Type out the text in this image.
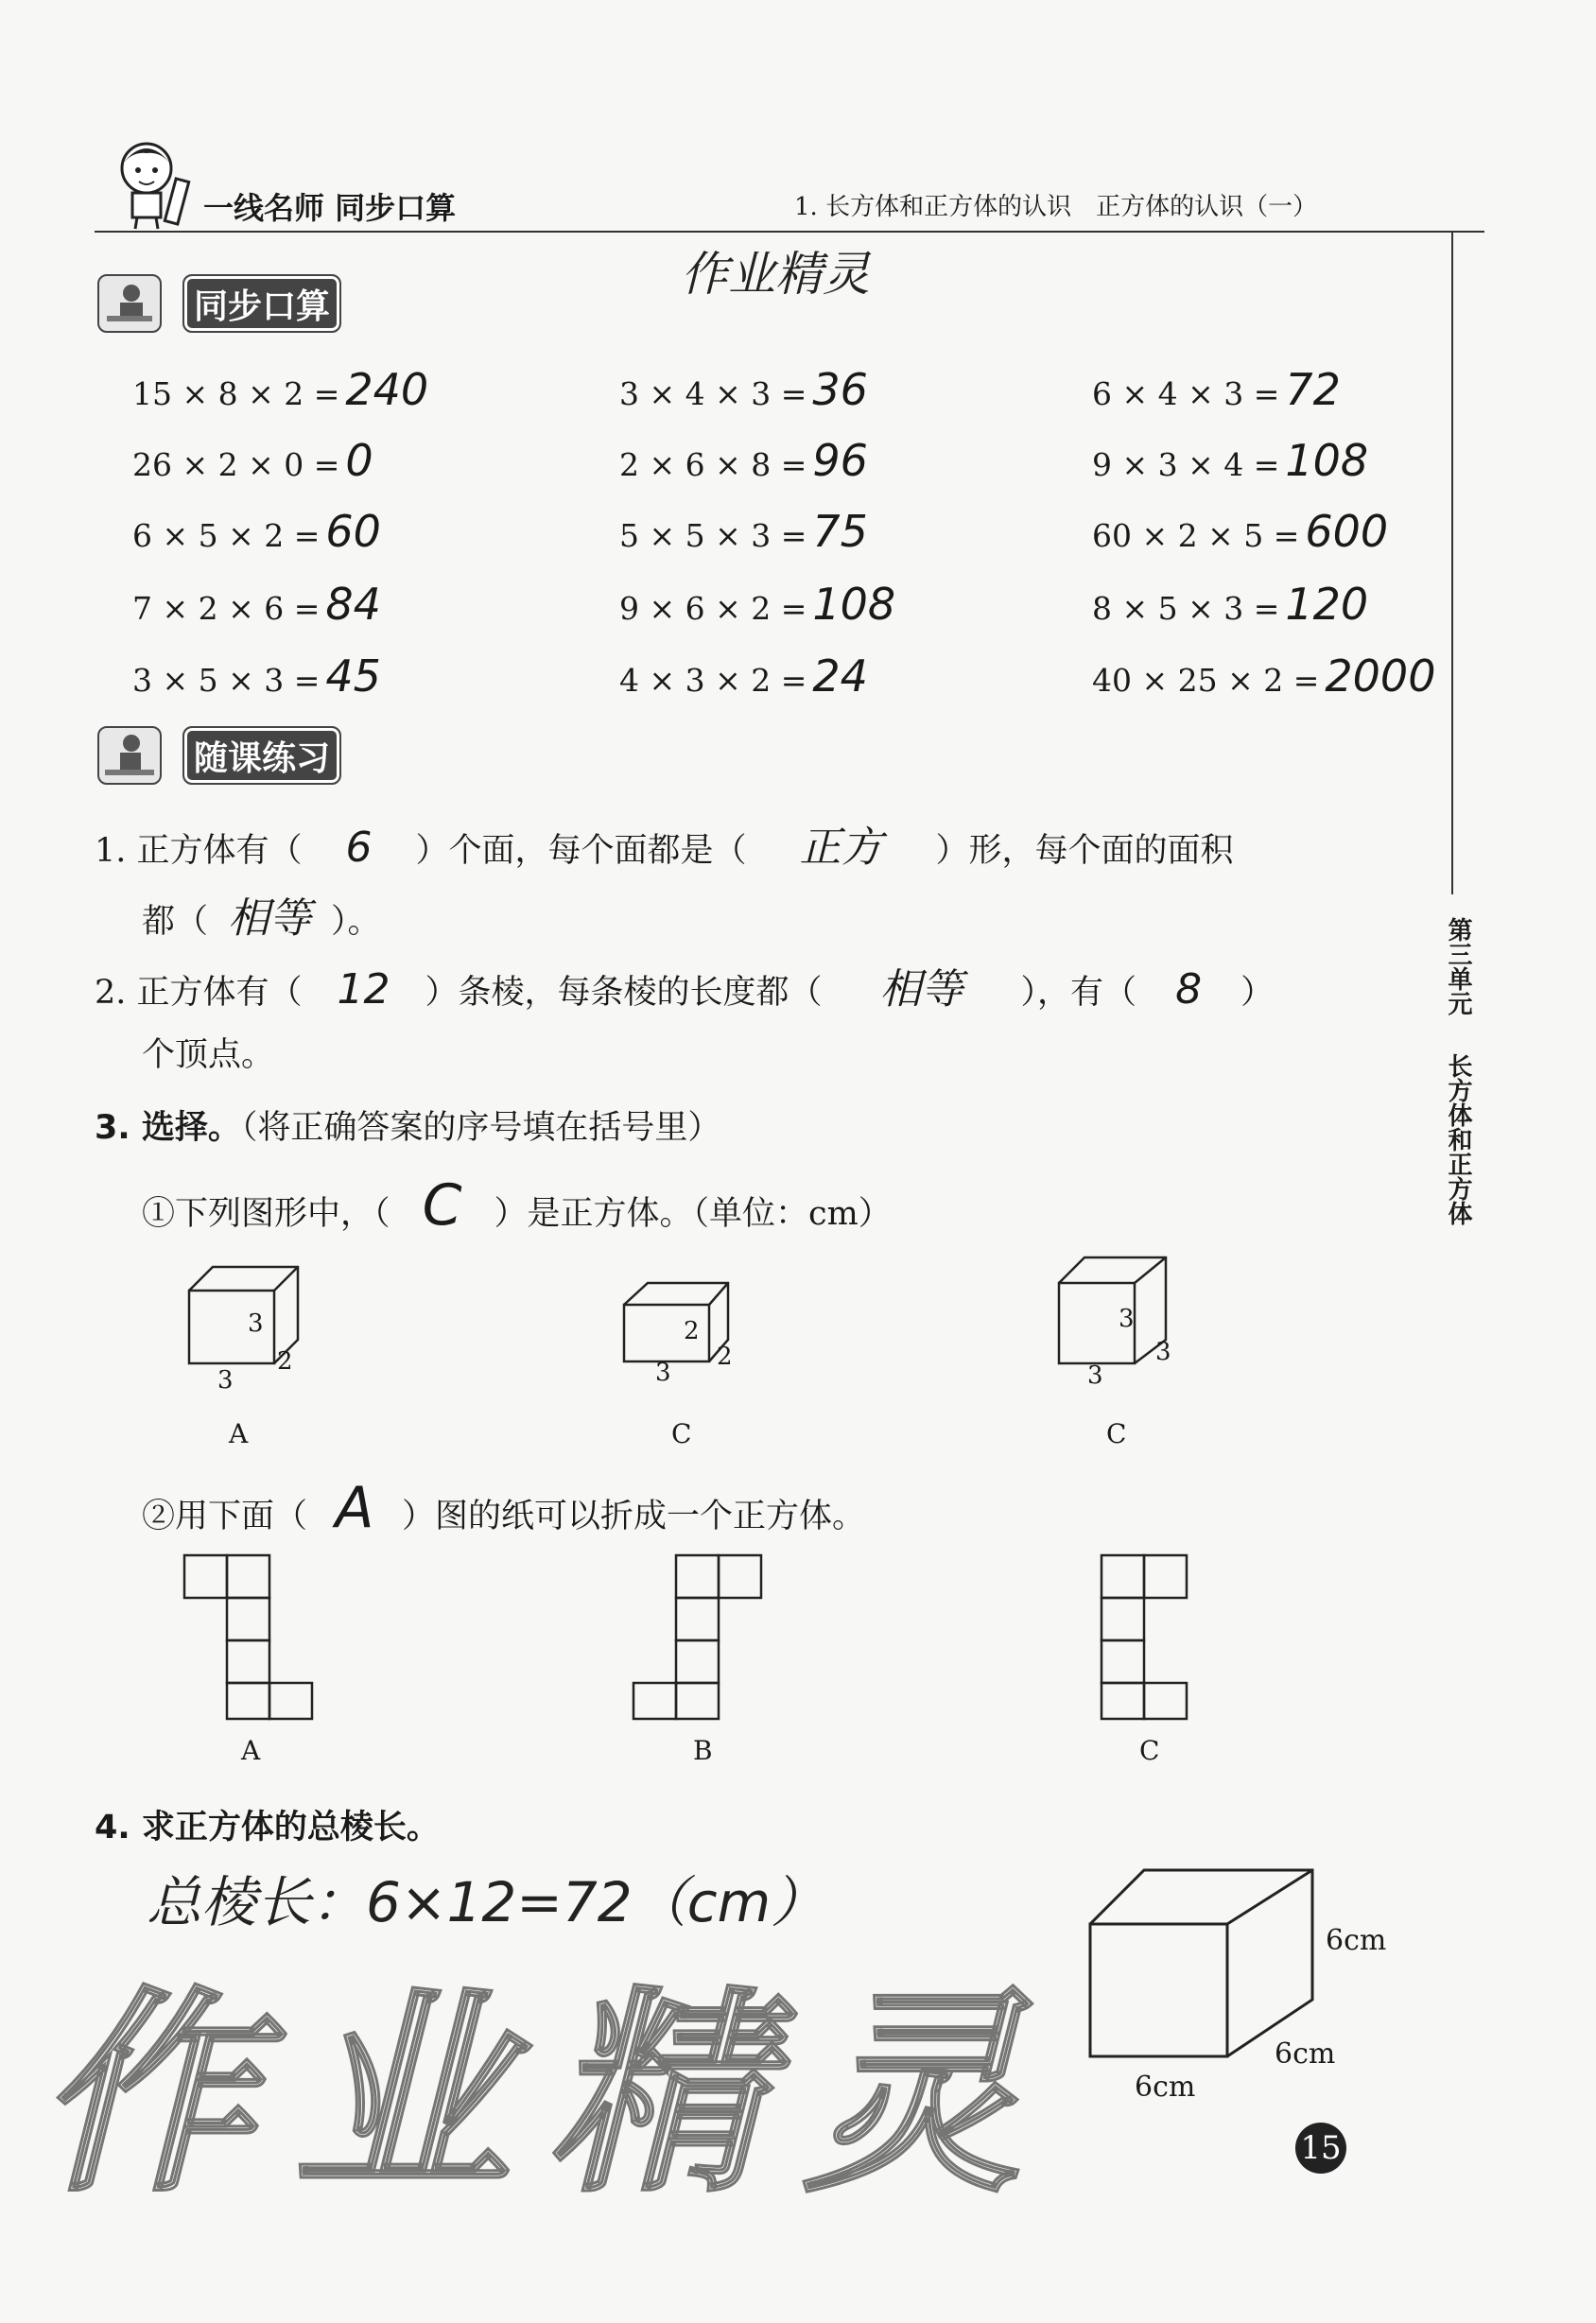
一线名师 同步口算	1. 长方体和正方体的认识　正方体的认识（一）
作业精灵
同步口算
15 × 8 × 2 = 240	3 × 4 × 3 = 36	6 × 4 × 3 = 72
26 × 2 × 0 = 0	2 × 6 × 8 = 96	9 × 3 × 4 = 108
6 × 5 × 2 = 60	5 × 5 × 3 = 75	60 × 2 × 5 = 600
7 × 2 × 6 = 84	9 × 6 × 2 = 108	8 × 5 × 3 = 120
3 × 5 × 3 = 45	4 × 3 × 2 = 24	40 × 25 × 2 = 2000
随课练习
1. 正方体有（ 6 ）个面，每个面都是（ 正方 ）形，每个面的面积
都（ 相等 ）。
2. 正方体有（ 12 ）条棱，每条棱的长度都（ 相等 ），有（ 8 ）
个顶点。
3. 选择。（将正确答案的序号填在括号里）
①下列图形中，（ C ）是正方体。（单位：cm）
3
2
3
A
2
2
3
C
3
3
3
C
②用下面（ A ）图的纸可以折成一个正方体。
A	B	C
4. 求正方体的总棱长。
总棱长：6×12=72（cm）
6cm
6cm
6cm
第三单元
长方体和正方体
15
作业精灵
